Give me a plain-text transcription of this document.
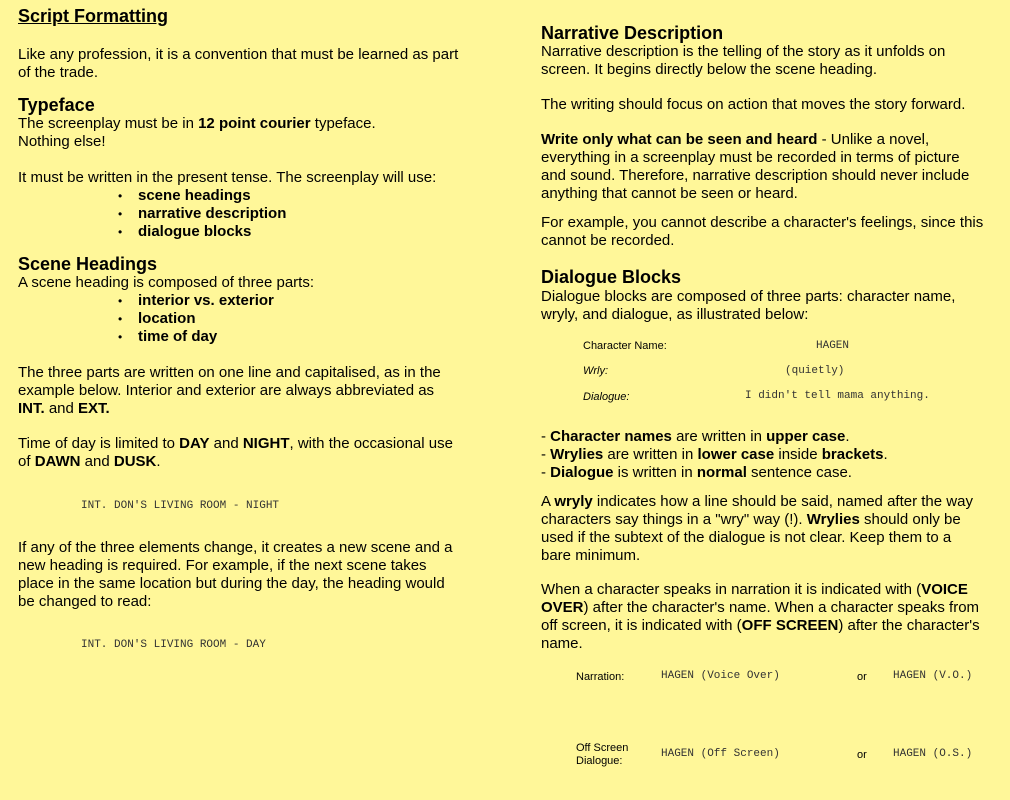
Script Formatting
Like any profession, it is a convention that must be learned as part
of the trade.
Typeface
The screenplay must be in 12 point courier typeface.
Nothing else!
It must be written in the present tense. The screenplay will use:
• scene headings
• narrative description
• dialogue blocks
Scene Headings
A scene heading is composed of three parts:
• interior vs. exterior
• location
• time of day
The three parts are written on one line and capitalised, as in the
example below. Interior and exterior are always abbreviated as
INT. and EXT.
Time of day is limited to DAY and NIGHT, with the occasional use
of DAWN and DUSK.
INT. DON'S LIVING ROOM - NIGHT
If any of the three elements change, it creates a new scene and a
new heading is required. For example, if the next scene takes
place in the same location but during the day, the heading would
be changed to read:
INT. DON'S LIVING ROOM - DAY
Narrative Description
Narrative description is the telling of the story as it unfolds on
screen. It begins directly below the scene heading.
The writing should focus on action that moves the story forward.
Write only what can be seen and heard - Unlike a novel,
everything in a screenplay must be recorded in terms of picture
and sound. Therefore, narrative description should never include
anything that cannot be seen or heard.
For example, you cannot describe a character's feelings, since this
cannot be recorded.
Dialogue Blocks
Dialogue blocks are composed of three parts: character name,
wryly, and dialogue, as illustrated below:
Character Name:	HAGEN
Wrly:	(quietly)
Dialogue:	I didn't tell mama anything.
- Character names are written in upper case.
- Wrylies are written in lower case inside brackets.
- Dialogue is written in normal sentence case.
A wryly indicates how a line should be said, named after the way
characters say things in a "wry" way (!). Wrylies should only be
used if the subtext of the dialogue is not clear. Keep them to a
bare minimum.
When a character speaks in narration it is indicated with (VOICE
OVER) after the character's name. When a character speaks from
off screen, it is indicated with (OFF SCREEN) after the character's
name.
Narration:	HAGEN (Voice Over)	or HAGEN (V.O.)
Off Screen
Dialogue:
HAGEN (Off Screen)	or HAGEN (O.S.)
